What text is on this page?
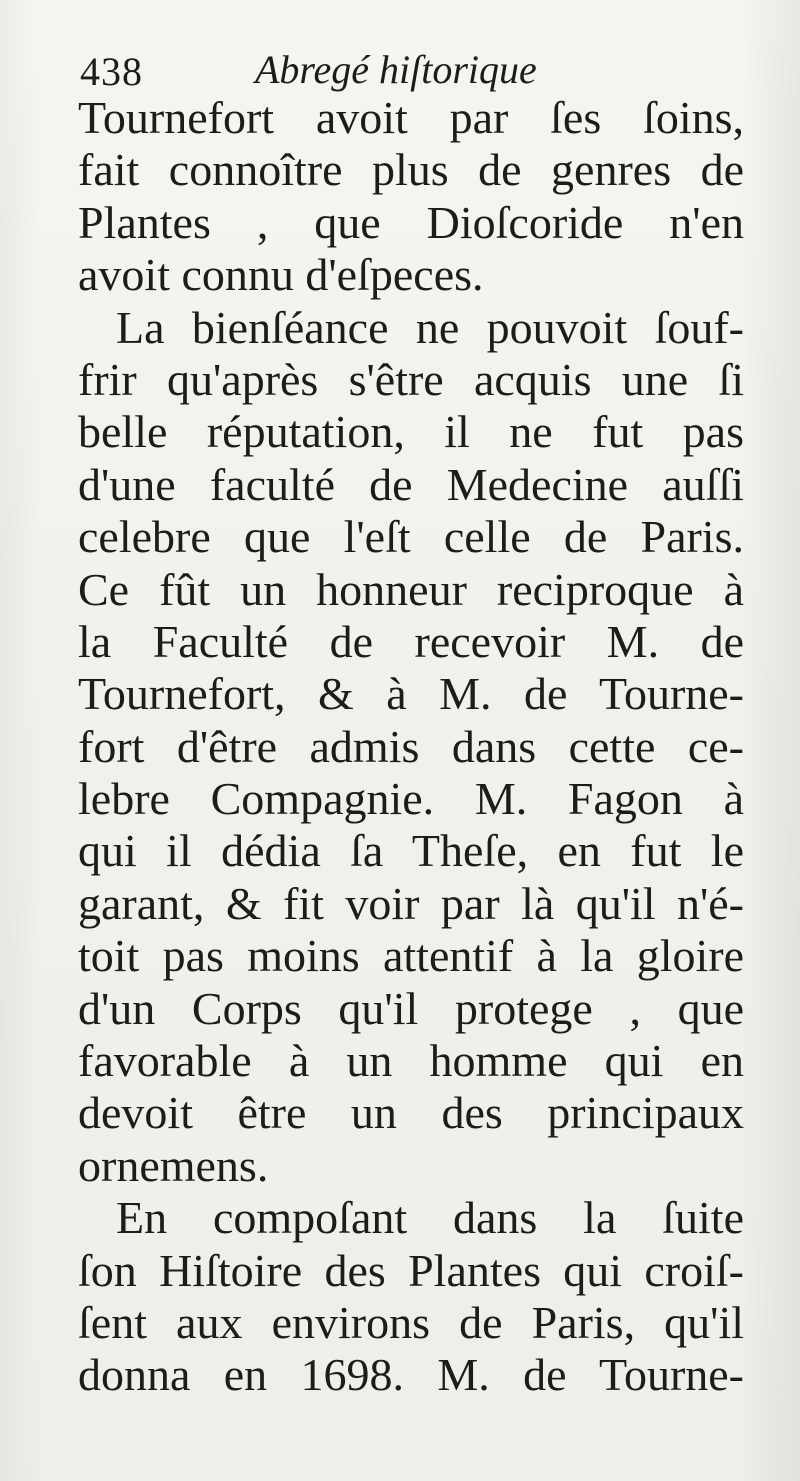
438	Abregé hiſtorique
Tournefort avoit par ſes ſoins,
fait connoître plus de genres de
Plantes , que Dioſcoride n'en
avoit connu d'eſpeces.
La bienſéance ne pouvoit ſouf-
frir qu'après s'être acquis une ſi
belle réputation, il ne fut pas
d'une faculté de Medecine auſſi
celebre que l'eſt celle de Paris.
Ce fût un honneur reciproque à
la Faculté de recevoir M. de
Tournefort, & à M. de Tourne-
fort d'être admis dans cette ce-
lebre Compagnie. M. Fagon à
qui il dédia ſa Theſe, en fut le
garant, & fit voir par là qu'il n'é-
toit pas moins attentif à la gloire
d'un Corps qu'il protege , que
favorable à un homme qui en
devoit être un des principaux
ornemens.
En compoſant dans la ſuite
ſon Hiſtoire des Plantes qui croiſ-
ſent aux environs de Paris, qu'il
donna en 1698. M. de Tourne-
